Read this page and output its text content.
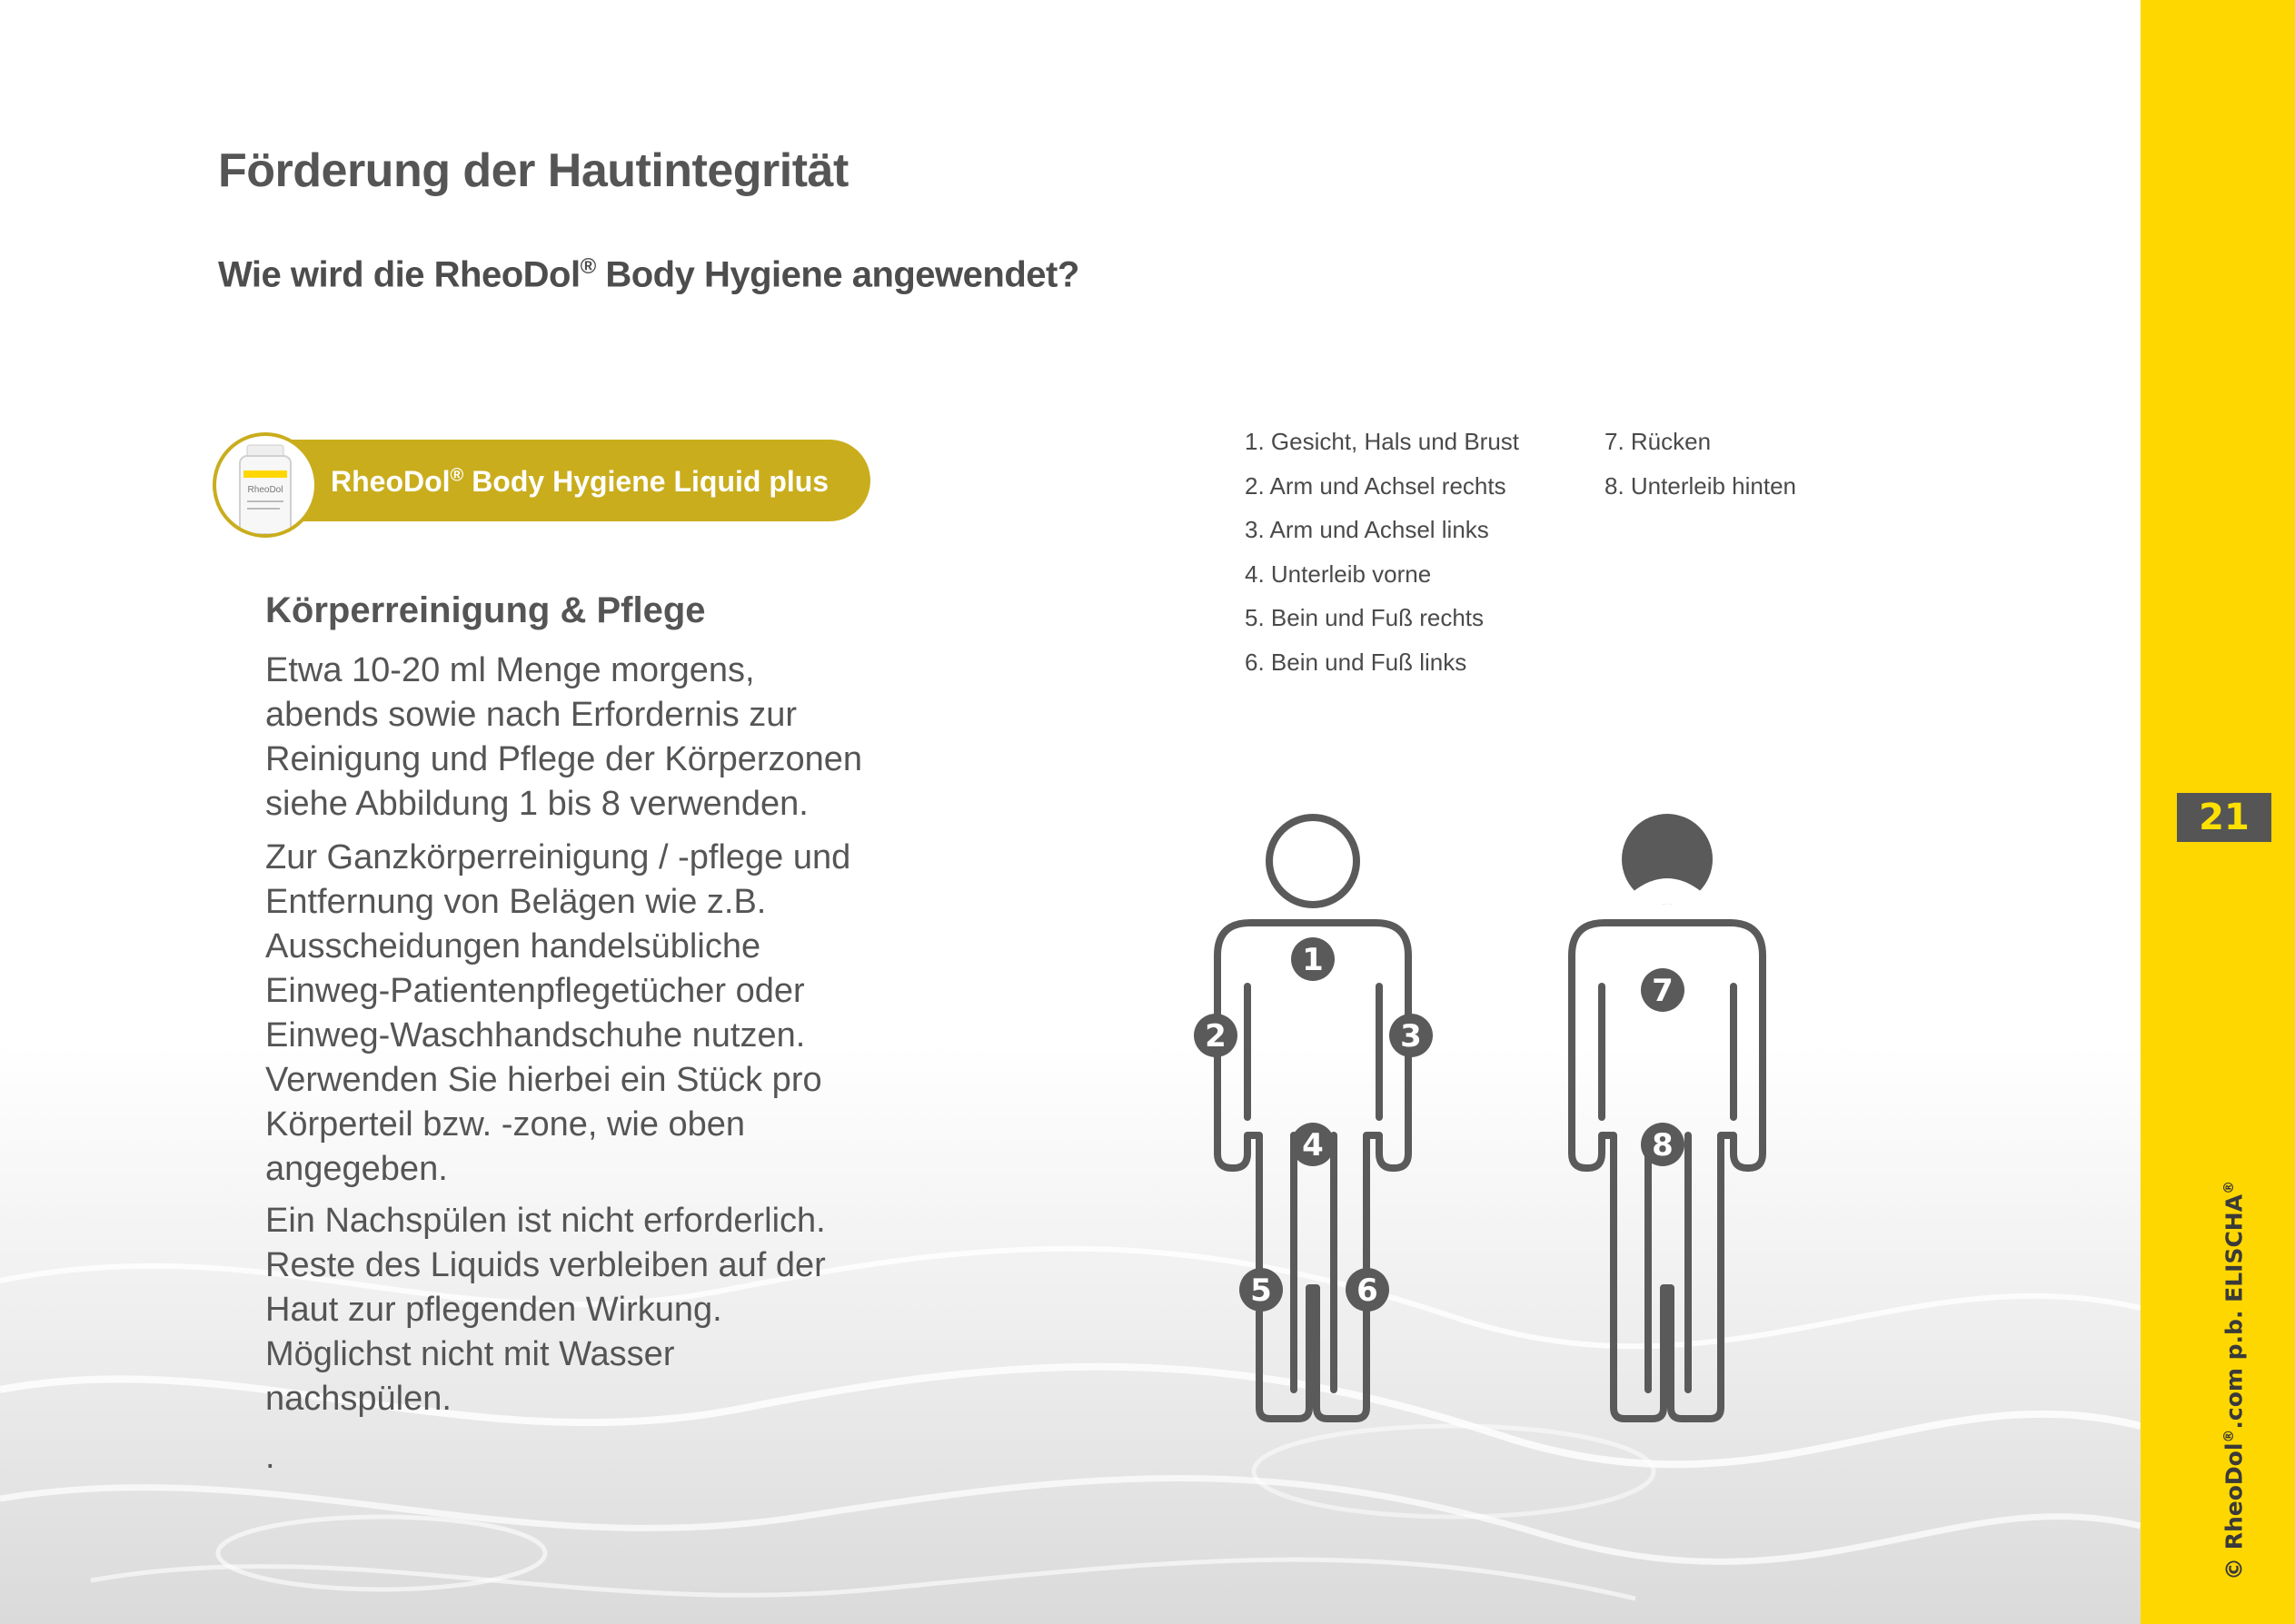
21
© RheoDol®.com p.b. ELISCHA®
Förderung der Hautintegrität
Wie wird die RheoDol® Body Hygiene angewendet?
RheoDol RheoDol® Body Hygiene Liquid plus
Körperreinigung & Pflege

Etwa 10-20 ml Menge morgens, abends sowie nach Erfordernis zur Reinigung und Pflege der Körperzonen siehe Abbildung 1 bis 8 verwenden.

Zur Ganzkörperreinigung / -pflege und Entfernung von Belägen wie z.B. Ausscheidungen handelsübliche Einweg-Patientenpflegetücher oder Einweg-Waschhandschuhe nutzen. Verwenden Sie hierbei ein Stück pro Körperteil bzw. -zone, wie oben angegeben.

Ein Nachspülen ist nicht erforderlich. Reste des Liquids verbleiben auf der Haut zur pflegenden Wirkung. Möglichst nicht mit Wasser nachspülen.

.

1. Gesicht, Hals und Brust
2. Arm und Achsel rechts
3. Arm und Achsel links
4. Unterleib vorne
5. Bein und Fuß rechts
6. Bein und Fuß links
7. Rücken
8. Unterleib hinten
1
2	3
4
5	6
7
8
